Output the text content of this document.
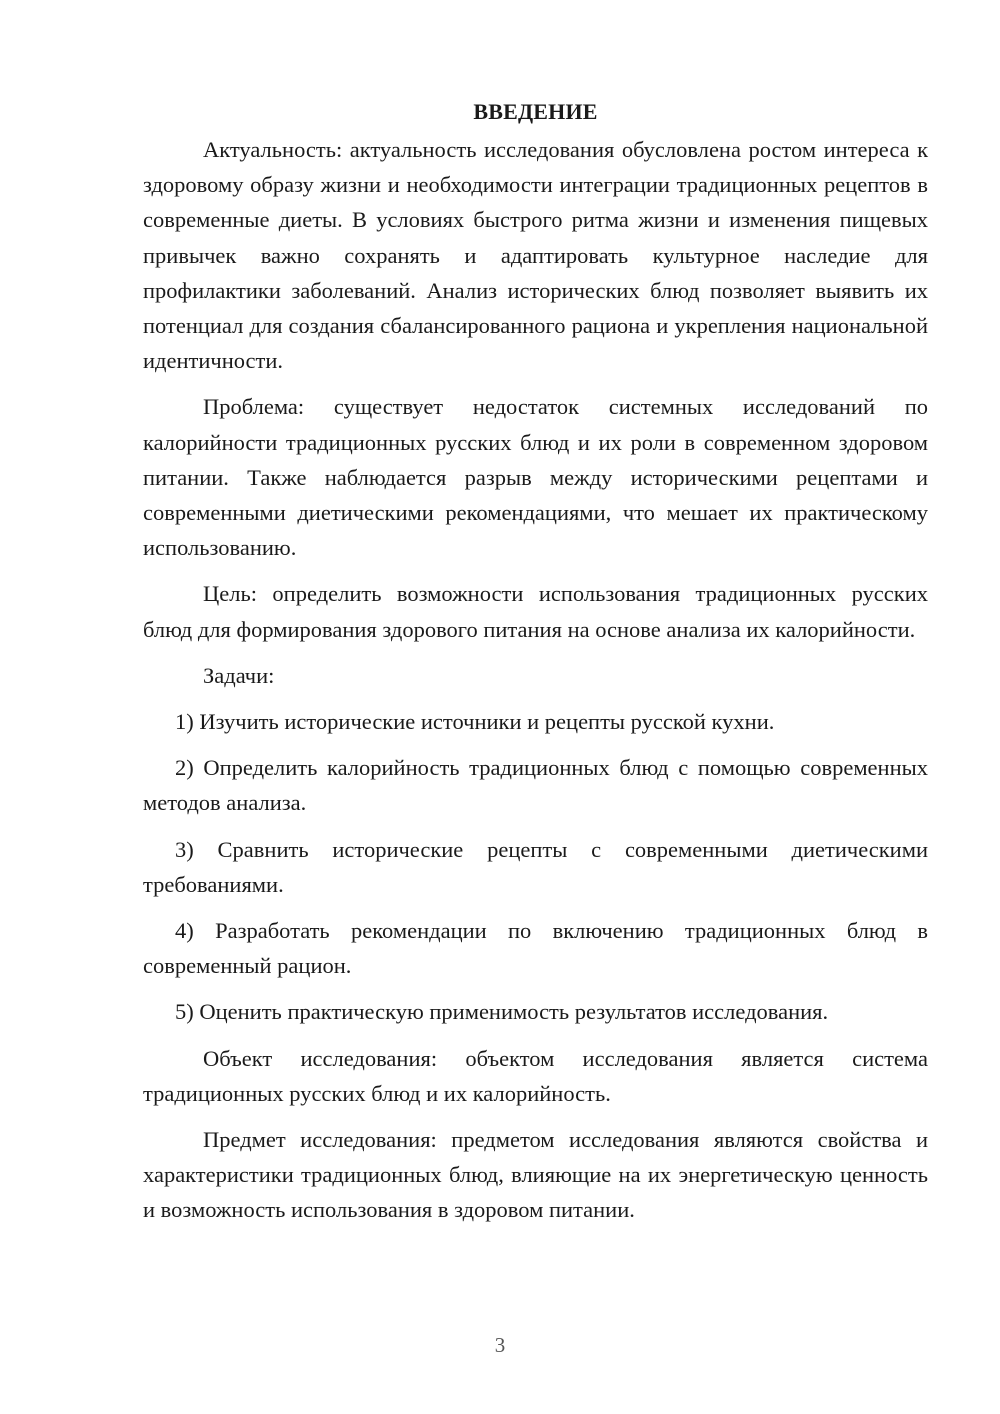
ВВЕДЕНИЕ

Актуальность: актуальность исследования обусловлена ростом интереса к здоровому образу жизни и необходимости интеграции традиционных рецептов в современные диеты. В условиях быстрого ритма жизни и изменения пищевых привычек важно сохранять и адаптировать культурное наследие для профилактики заболеваний. Анализ исторических блюд позволяет выявить их потенциал для создания сбалансированного рациона и укрепления национальной идентичности.

Проблема: существует недостаток системных исследований по калорийности традиционных русских блюд и их роли в современном здоровом питании. Также наблюдается разрыв между историческими рецептами и современными диетическими рекомендациями, что мешает их практическому использованию.

Цель: определить возможности использования традиционных русских блюд для формирования здорового питания на основе анализа их калорийности.

Задачи:

1) Изучить исторические источники и рецепты русской кухни.

2) Определить калорийность традиционных блюд с помощью современных методов анализа.

3) Сравнить исторические рецепты с современными диетическими требованиями.

4) Разработать рекомендации по включению традиционных блюд в современный рацион.

5) Оценить практическую применимость результатов исследования.

Объект исследования: объектом исследования является система традиционных русских блюд и их калорийность.

Предмет исследования: предметом исследования являются свойства и характеристики традиционных блюд, влияющие на их энергетическую ценность и возможность использования в здоровом питании.

3
